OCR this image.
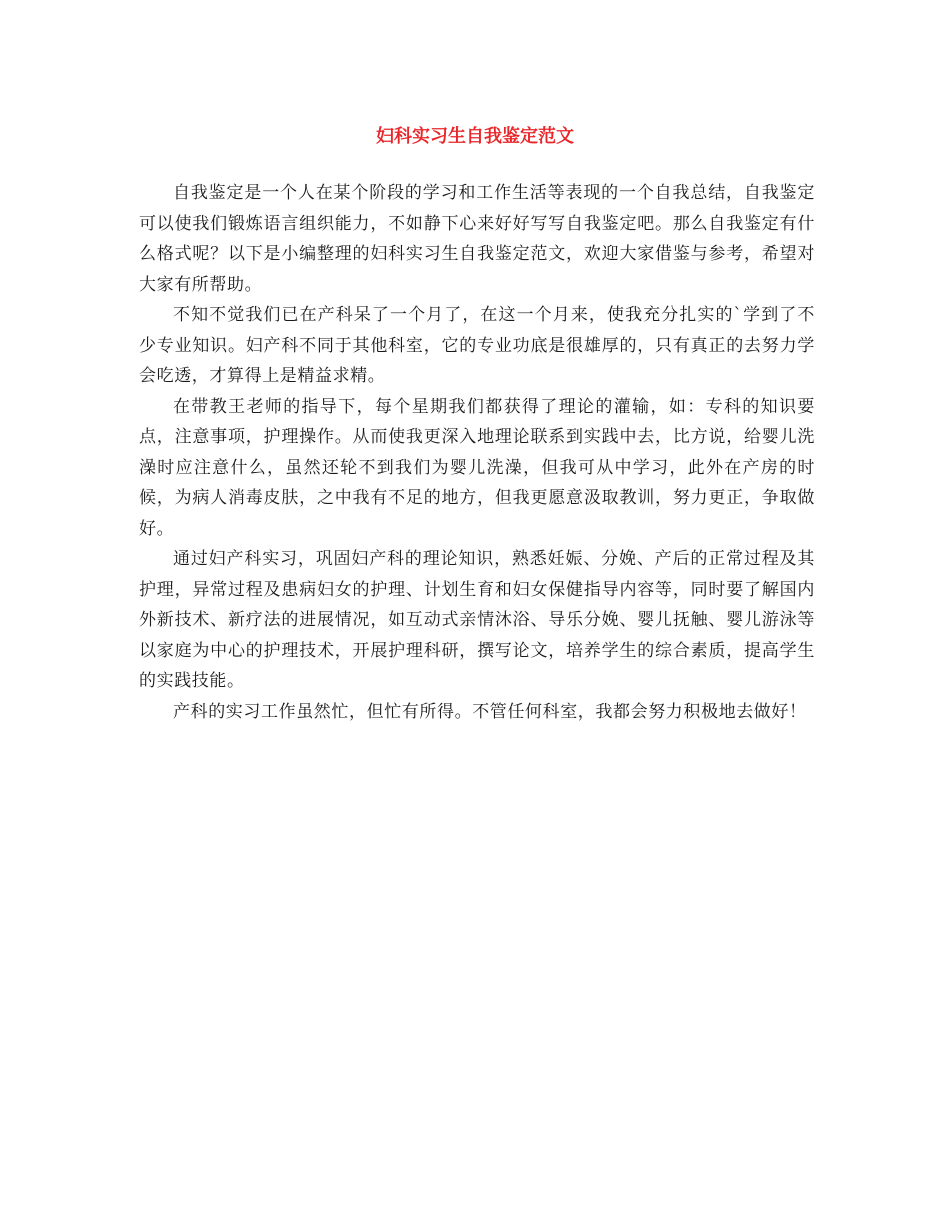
妇科实习生自我鉴定范文

自我鉴定是一个人在某个阶段的学习和工作生活等表现的一个自我总结，自我鉴定可以使我们锻炼语言组织能力，不如静下心来好好写写自我鉴定吧。那么自我鉴定有什么格式呢？以下是小编整理的妇科实习生自我鉴定范文，欢迎大家借鉴与参考，希望对大家有所帮助。

不知不觉我们已在产科呆了一个月了，在这一个月来，使我充分扎实的`学到了不少专业知识。妇产科不同于其他科室，它的专业功底是很雄厚的，只有真正的去努力学会吃透，才算得上是精益求精。

在带教王老师的指导下，每个星期我们都获得了理论的灌输，如：专科的知识要点，注意事项，护理操作。从而使我更深入地理论联系到实践中去，比方说，给婴儿洗澡时应注意什么，虽然还轮不到我们为婴儿洗澡，但我可从中学习，此外在产房的时候，为病人消毒皮肤，之中我有不足的地方，但我更愿意汲取教训，努力更正，争取做好。

通过妇产科实习，巩固妇产科的理论知识，熟悉妊娠、分娩、产后的正常过程及其护理，异常过程及患病妇女的护理、计划生育和妇女保健指导内容等，同时要了解国内外新技术、新疗法的进展情况，如互动式亲情沐浴、导乐分娩、婴儿抚触、婴儿游泳等以家庭为中心的护理技术，开展护理科研，撰写论文，培养学生的综合素质，提高学生的实践技能。

产科的实习工作虽然忙，但忙有所得。不管任何科室，我都会努力积极地去做好！
